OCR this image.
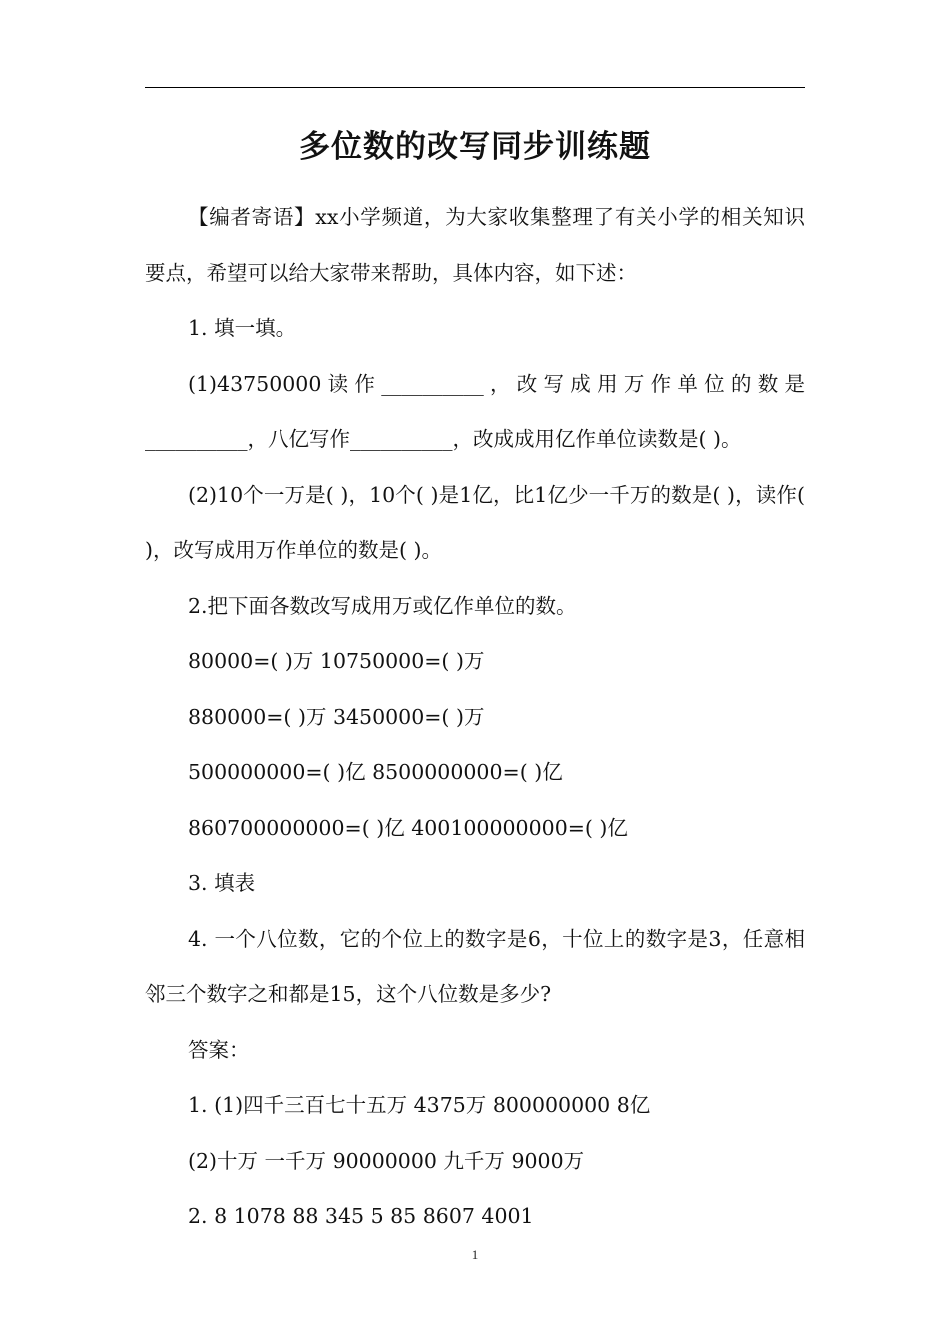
多位数的改写同步训练题

【编者寄语】xx小学频道，为大家收集整理了有关小学的相关知识要点，希望可以给大家带来帮助，具体内容，如下述：

1. 填一填。

(1)43750000读作__________，改写成用万作单位的数是__________，八亿写作__________，改成成用亿作单位读数是( )。

(2)10个一万是( )，10个( )是1亿，比1亿少一千万的数是( )，读作( )，改写成用万作单位的数是( )。

2.把下面各数改写成用万或亿作单位的数。

80000=( )万 10750000=( )万

880000=( )万 3450000=( )万

500000000=( )亿 8500000000=( )亿

860700000000=( )亿 400100000000=( )亿

3. 填表

4. 一个八位数，它的个位上的数字是6，十位上的数字是3，任意相邻三个数字之和都是15，这个八位数是多少?

答案：

1. (1)四千三百七十五万 4375万 800000000 8亿

(2)十万 一千万 90000000 九千万 9000万

2. 8 1078 88 345 5 85 8607 4001

1
